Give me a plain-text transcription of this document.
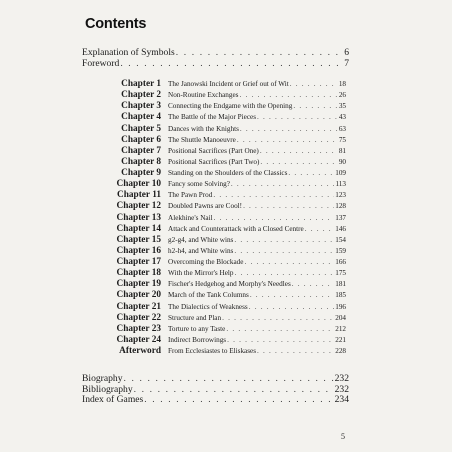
Contents
Explanation of Symbols . . .	6
Foreword . . .	7
Chapter 1 The Janowski Incident or Grief out of Wit . . .	18
Chapter 2 Non-Routine Exchanges . . .	26
Chapter 3 Connecting the Endgame with the Opening . . .	35
Chapter 4 The Battle of the Major Pieces . . .	43
Chapter 5 Dances with the Knights . . .	63
Chapter 6 The Shuttle Manoeuvre . . .	75
Chapter 7 Positional Sacrifices (Part One) . . .	81
Chapter 8 Positional Sacrifices (Part Two) . . .	90
Chapter 9 Standing on the Shoulders of the Classics . . .	109
Chapter 10 Fancy some Solving? . . .	113
Chapter 11 The Pawn Prod . . .	123
Chapter 12 Doubled Pawns are Cool! . . .	128
Chapter 13 Alekhine's Nail . . .	137
Chapter 14 Attack and Counterattack with a Closed Centre . . .	146
Chapter 15 g2-g4, and White wins . . .	154
Chapter 16 h2-h4, and White wins . . .	159
Chapter 17 Overcoming the Blockade . . .	166
Chapter 18 With the Mirror's Help . . .	175
Chapter 19 Fischer's Hedgehog and Morphy's Needles . . .	181
Chapter 20 March of the Tank Columns . . .	185
Chapter 21 The Dialectics of Weakness . . .	196
Chapter 22 Structure and Plan . . .	204
Chapter 23 Torture to any Taste . . .	212
Chapter 24 Indirect Borrowings . . .	221
Afterword From Ecclesiastes to Eliskases . . .	228
Biography . . .	232
Bibliography . . .	232
Index of Games . . .	234
5
